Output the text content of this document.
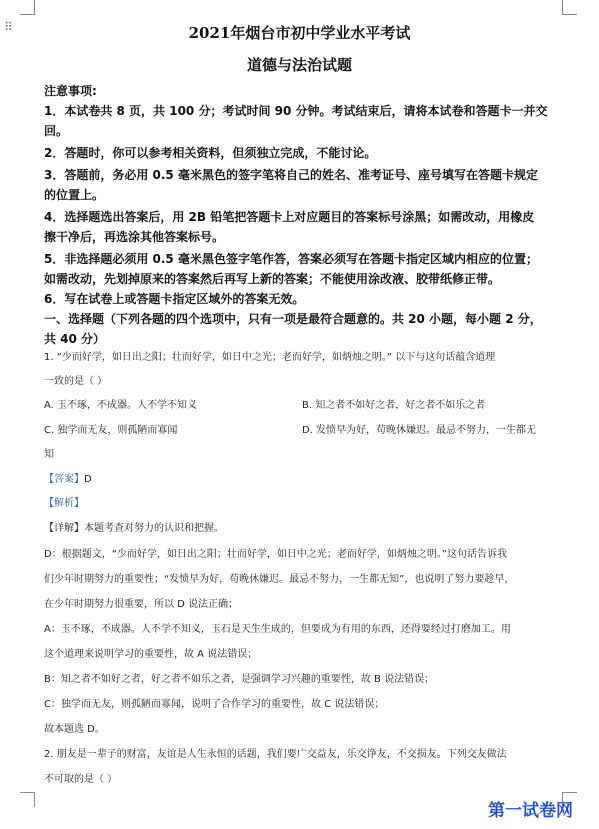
⠿	2021年烟台市初中学业水平考试
道德与法治试题
注意事项:
1．本试卷共 8 页，共 100 分；考试时间 90 分钟。考试结束后，请将本试卷和答题卡一并交
回。
2．答题时，你可以参考相关资料，但须独立完成，不能讨论。
3．答题前，务必用 0.5 毫米黑色的签字笔将自己的姓名、准考证号、座号填写在答题卡规定
的位置上。
4．选择题选出答案后，用 2B 铅笔把答题卡上对应题目的答案标号涂黑；如需改动，用橡皮
擦干净后，再选涂其他答案标号。
5．非选择题必须用 0.5 毫米黑色签字笔作答，答案必须写在答题卡指定区域内相应的位置；
如需改动，先划掉原来的答案然后再写上新的答案；不能使用涂改液、胶带纸修正带。
6．写在试卷上或答题卡指定区域外的答案无效。
一、选择题（下列各题的四个选项中，只有一项是最符合题意的。共 20 小题，每小题 2 分，
共 40 分）
1. “少而好学，如日出之阳；壮而好学，如日中之光；老而好学，如炳烛之明。” 以下与这句话蕴含道理
一致的是（ ）
A. 玉不琢，不成器。人不学不知义	B. 知之者不如好之者，好之者不如乐之者
C. 独学而无友，则孤陋而寡闻	D. 发愤早为好，苟晚休嫌迟。最忌不努力，一生都无
知
【答案】D
【解析】
【详解】本题考查对努力的认识和把握。
D：根据题文，“少而好学，如日出之阳；壮而好学，如日中之光；老而好学，如炳烛之明。”这句话告诉我
们少年时期努力的重要性；“发愤早为好，苟晚休嫌迟。最忌不努力，一生都无知”，也说明了努力要趁早，
在少年时期努力很重要，所以 D 说法正确；
A：玉不琢，不成器。人不学不知义，玉石是天生生成的，但要成为有用的东西，还得要经过打磨加工。用
这个道理来说明学习的重要性，故 A 说法错误；
B：知之者不如好之者，好之者不如乐之者，是强调学习兴趣的重要性，故 B 说法错误；
C：独学而无友，则孤陋而寡闻，说明了合作学习的重要性，故 C 说法错误；
故本题选 D。
2. 朋友是一辈子的财富，友谊是人生永恒的话题，我们要广交益友，乐交诤友，不交损友。下列交友做法
不可取的是（ ）
第一试卷网
